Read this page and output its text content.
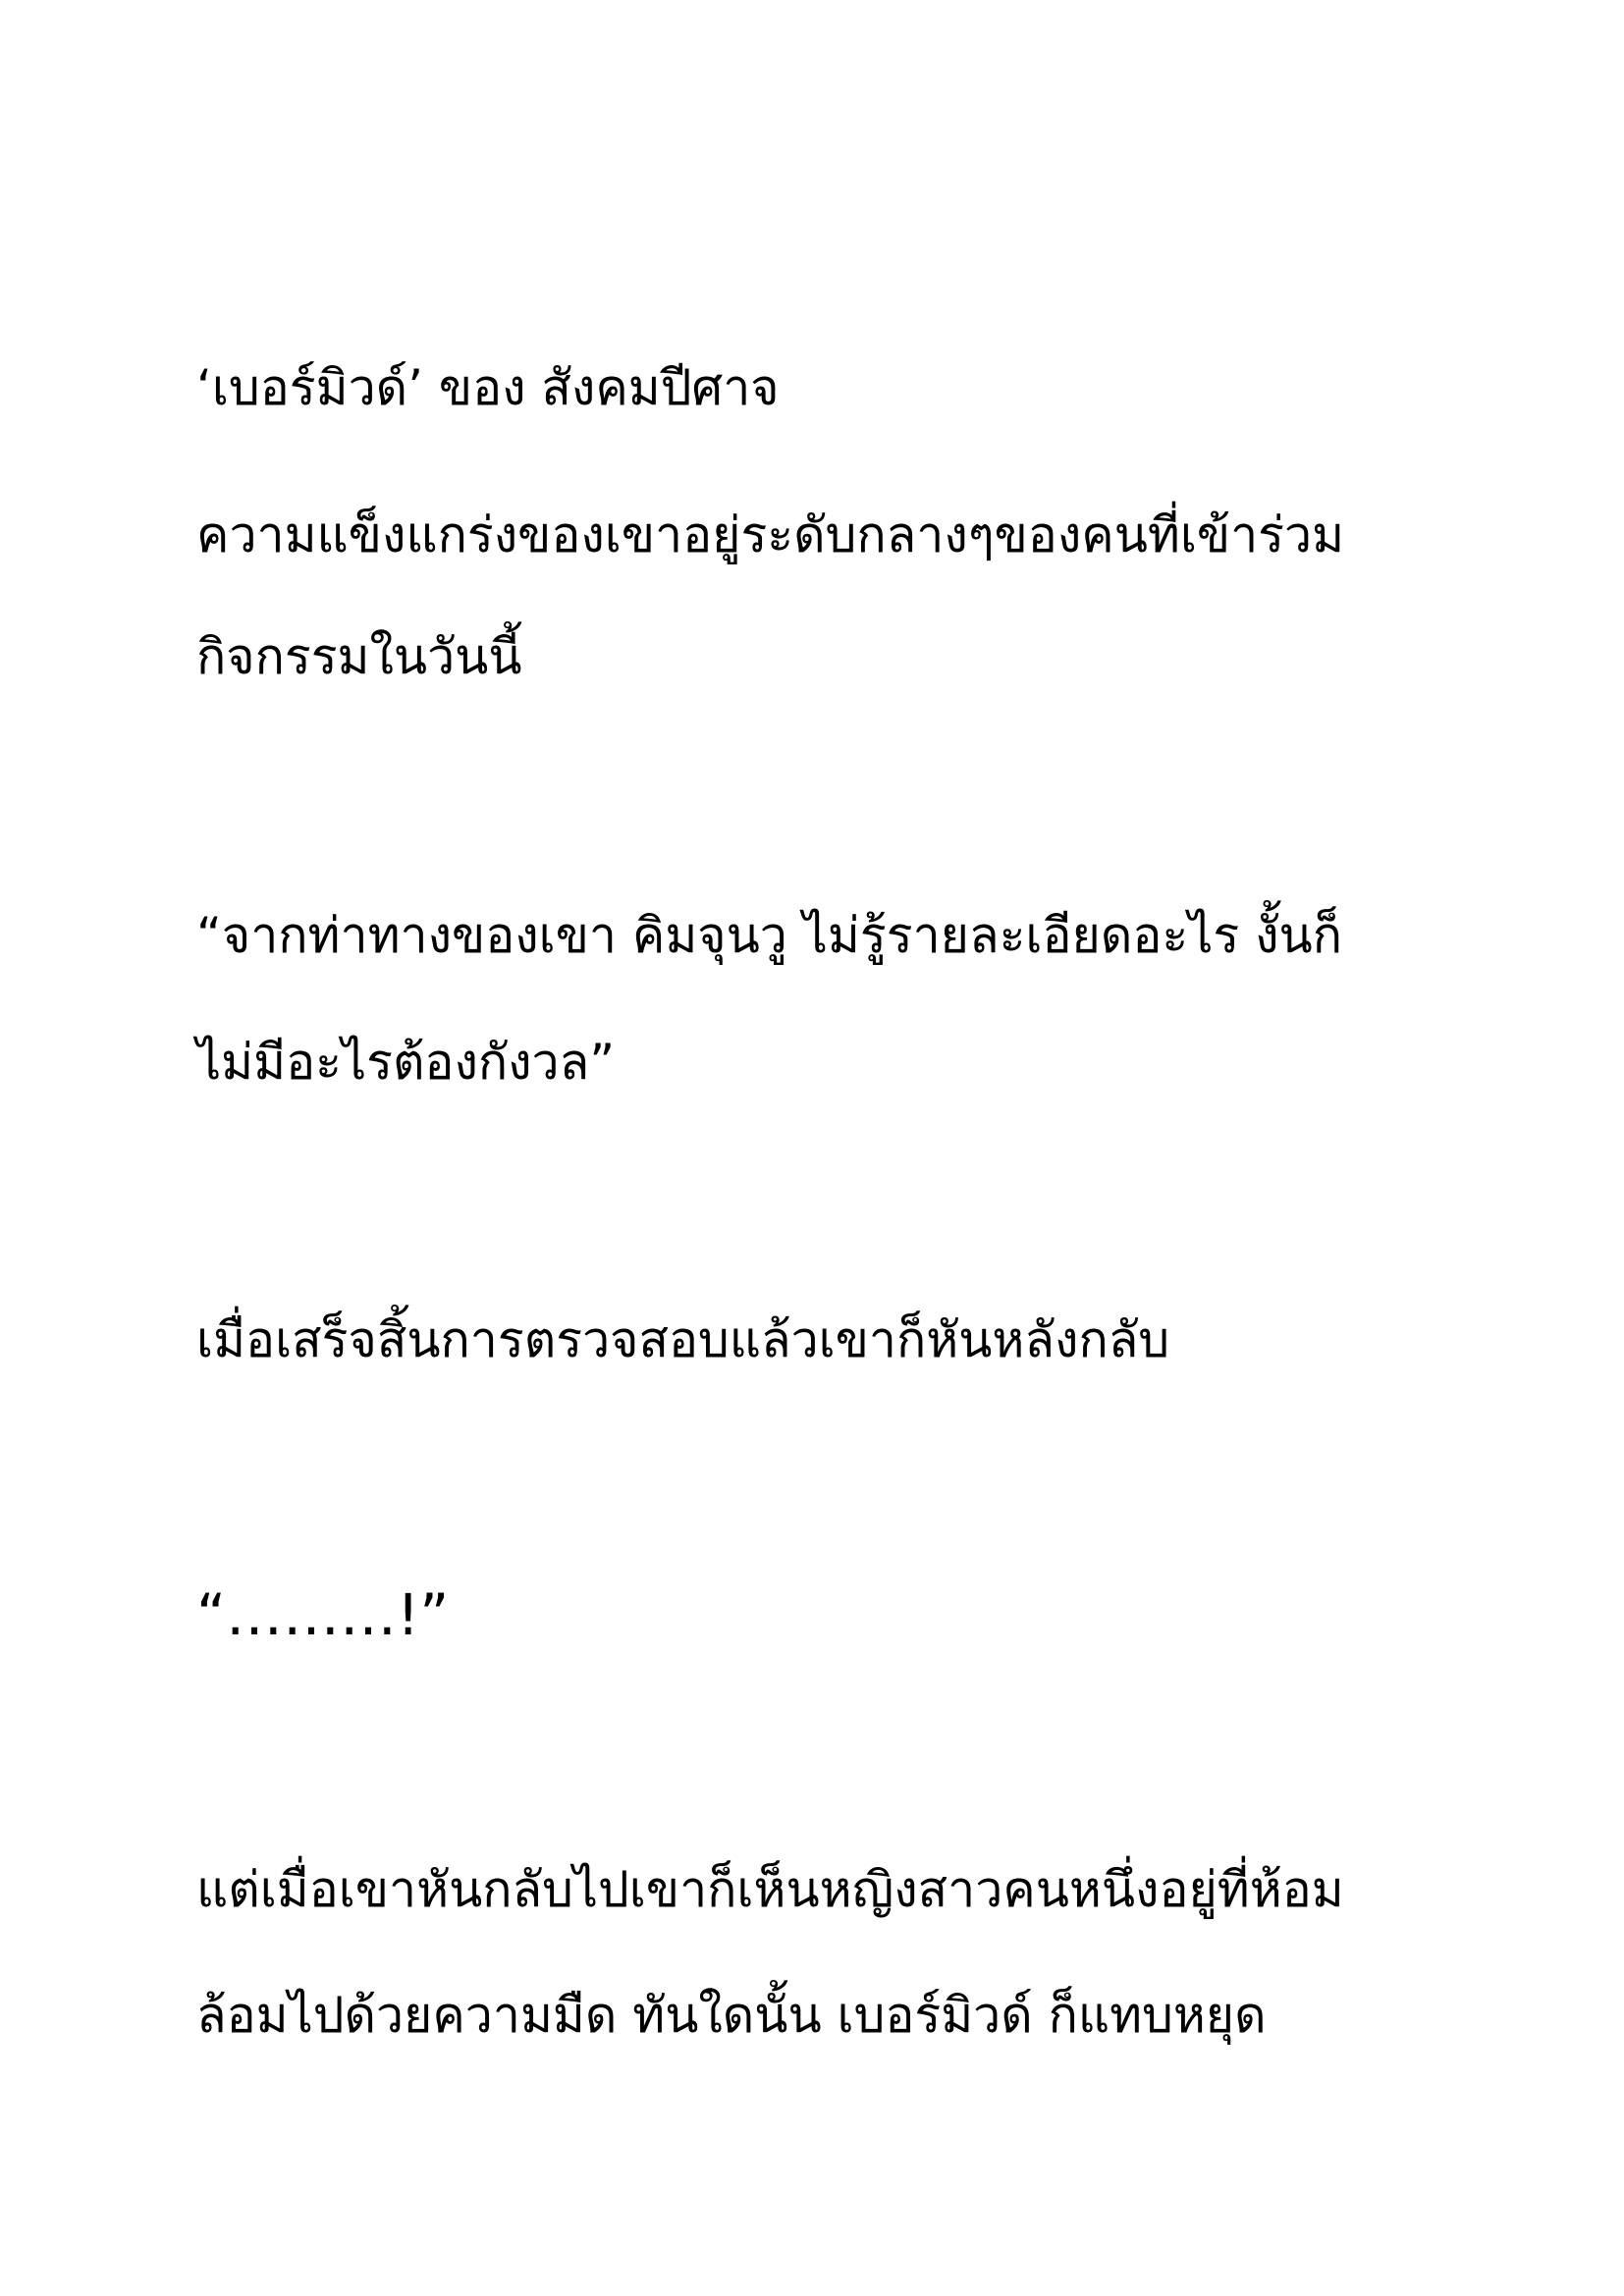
‘เบอร์มิวด์’ ของ สังคมปีศาจ

ความแข็งแกร่งของเขาอยู่ระดับกลางๆของคนที่เข้าร่วม

กิจกรรมในวันนี้

“จากท่าทางของเขา คิมจุนวู ไม่รู้รายละเอียดอะไร งั้นก็

ไม่มีอะไรต้องกังวล”

เมื่อเสร็จสิ้นการตรวจสอบแล้วเขาก็หันหลังกลับ

“………!”

แต่เมื่อเขาหันกลับไปเขาก็เห็นหญิงสาวคนหนึ่งอยู่ที่ห้อม

ล้อมไปด้วยความมืด ทันใดนั้น เบอร์มิวด์ ก็แทบหยุด
